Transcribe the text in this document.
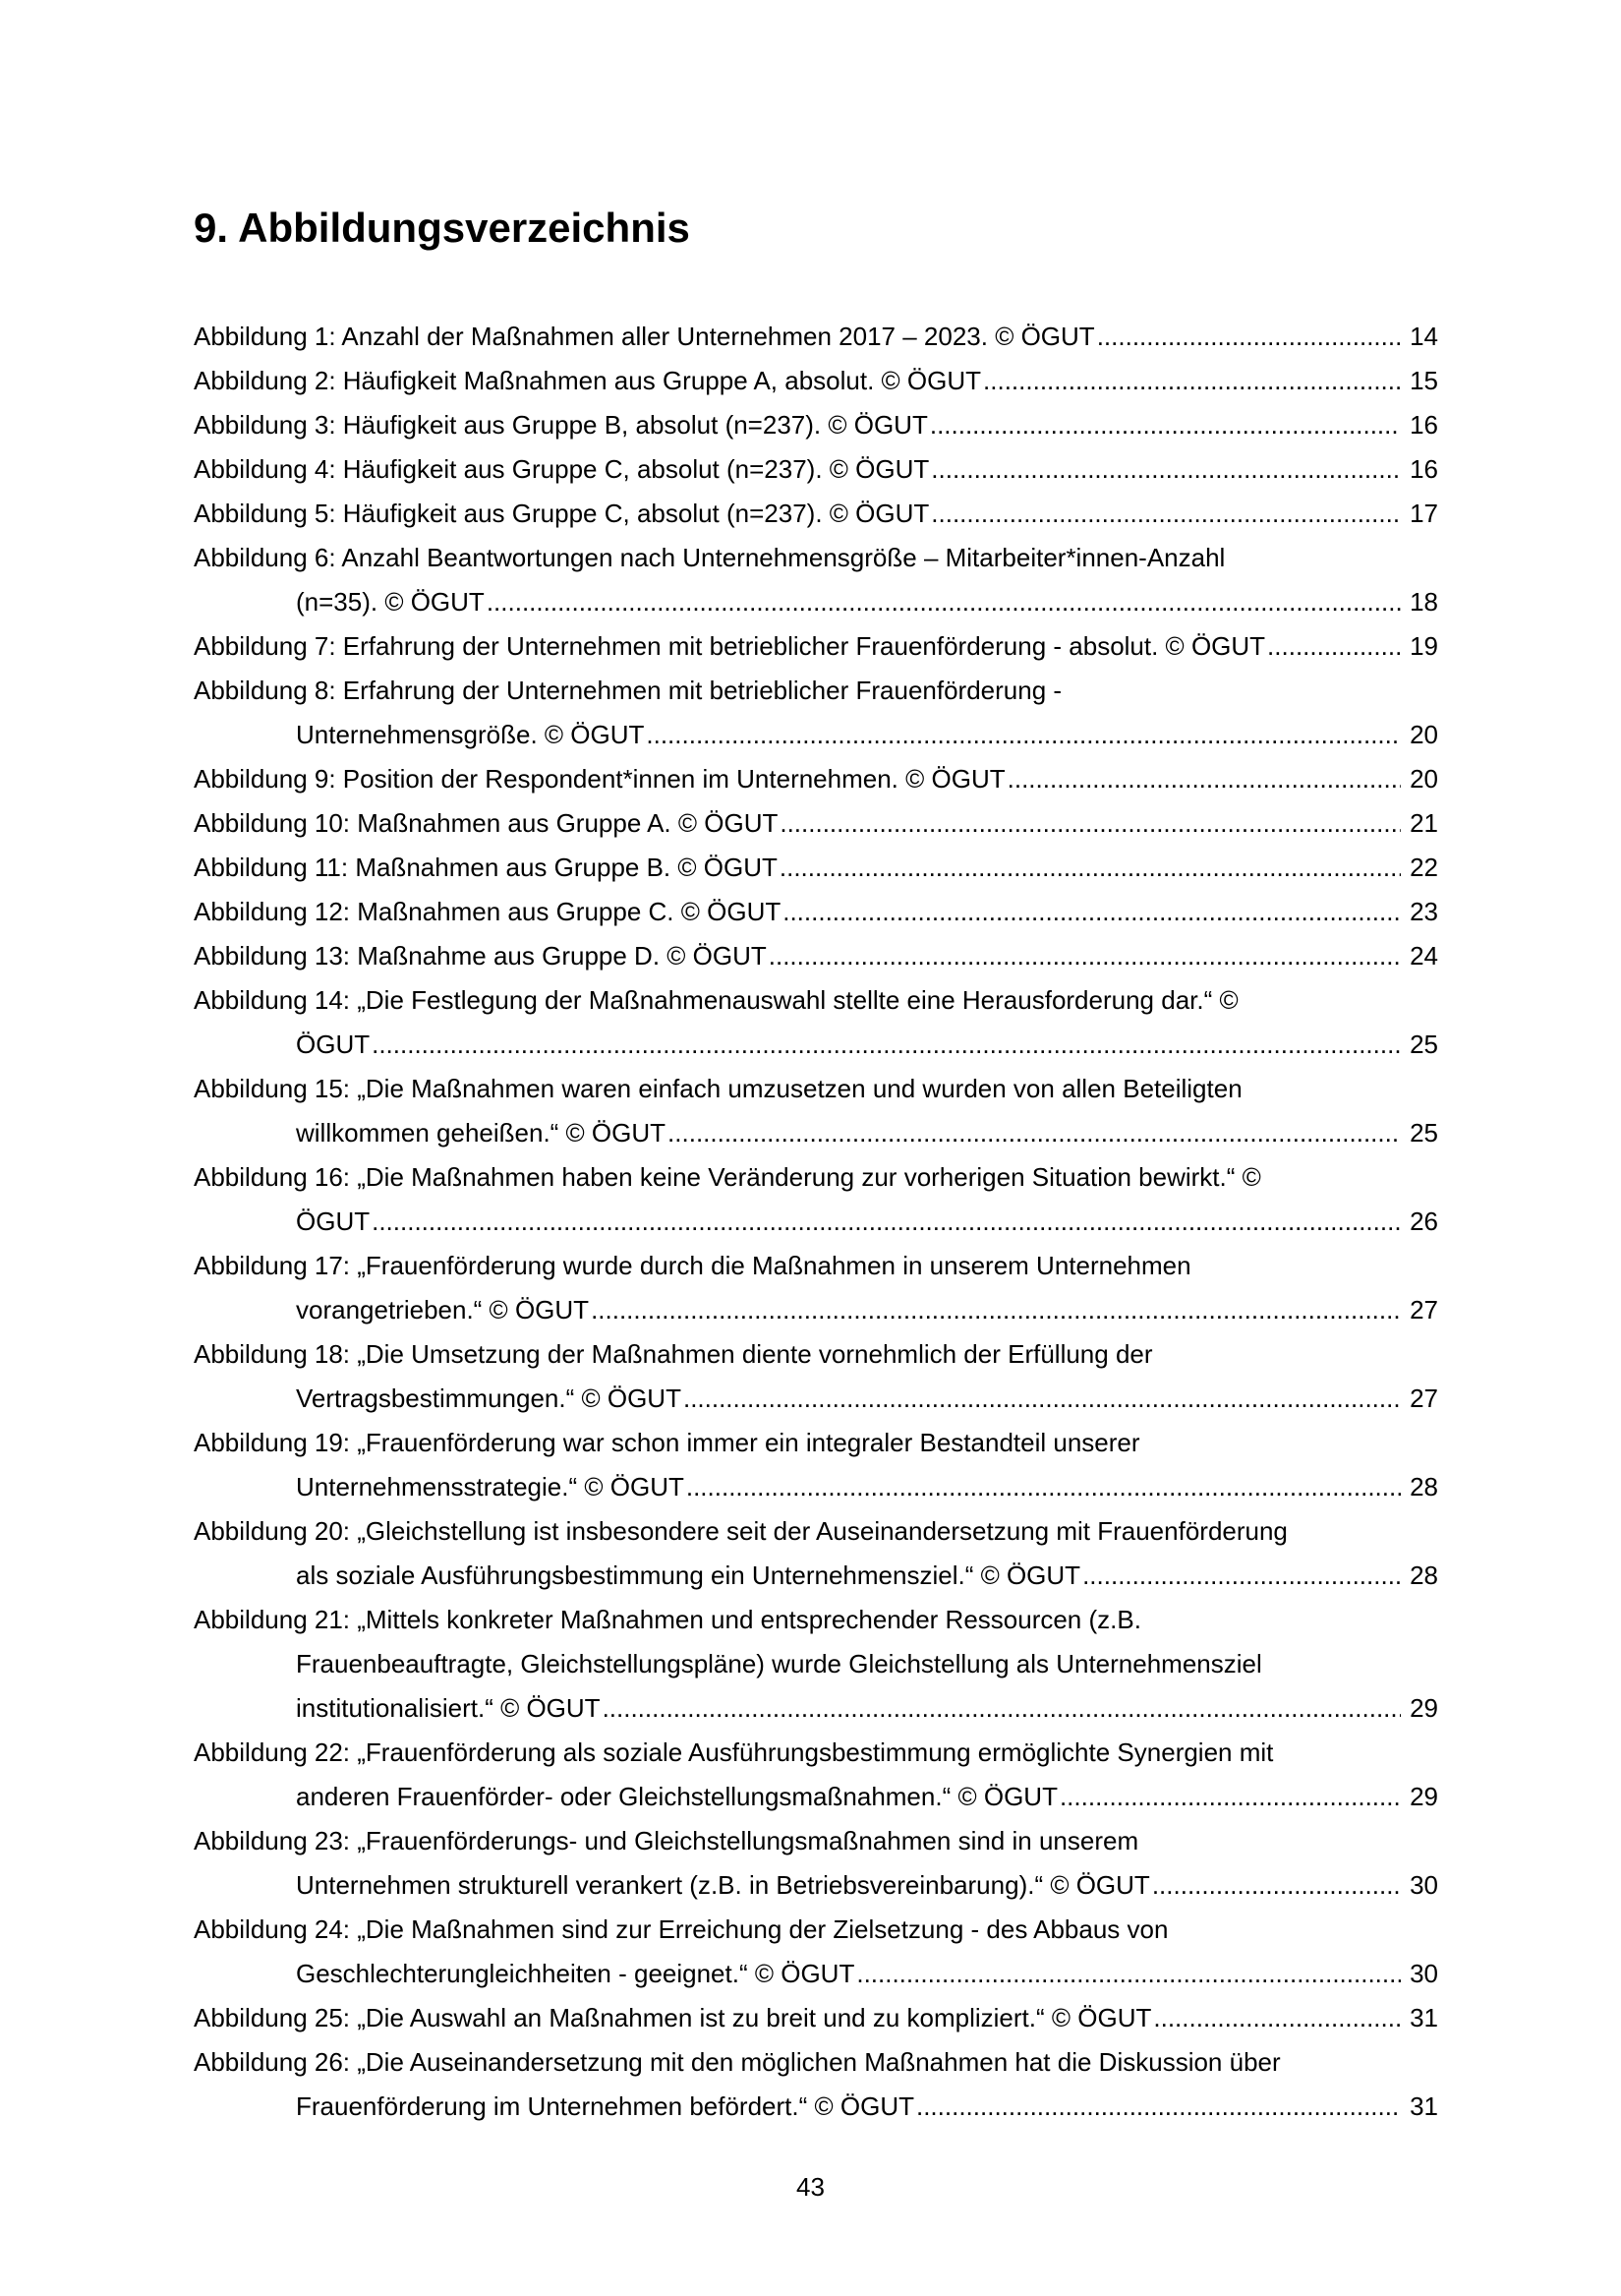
9. Abbildungsverzeichnis
Abbildung 1: Anzahl der Maßnahmen aller Unternehmen 2017 – 2023. © ÖGUT .....	14
Abbildung 2: Häufigkeit Maßnahmen aus Gruppe A, absolut. © ÖGUT .....	15
Abbildung 3: Häufigkeit aus Gruppe B, absolut (n=237). © ÖGUT .....	16
Abbildung 4: Häufigkeit aus Gruppe C, absolut (n=237). © ÖGUT .....	16
Abbildung 5: Häufigkeit aus Gruppe C, absolut (n=237). © ÖGUT .....	17
Abbildung 6: Anzahl Beantwortungen nach Unternehmensgröße – Mitarbeiter*innen-Anzahl
(n=35). © ÖGUT .....	18
Abbildung 7: Erfahrung der Unternehmen mit betrieblicher Frauenförderung - absolut. © ÖGUT .....	19
Abbildung 8: Erfahrung der Unternehmen mit betrieblicher Frauenförderung -
Unternehmensgröße. © ÖGUT .....	20
Abbildung 9: Position der Respondent*innen im Unternehmen. © ÖGUT .....	20
Abbildung 10: Maßnahmen aus Gruppe A. © ÖGUT .....	21
Abbildung 11: Maßnahmen aus Gruppe B. © ÖGUT .....	22
Abbildung 12: Maßnahmen aus Gruppe C. © ÖGUT .....	23
Abbildung 13: Maßnahme aus Gruppe D. © ÖGUT .....	24
Abbildung 14: „Die Festlegung der Maßnahmenauswahl stellte eine Herausforderung dar.“ ©
ÖGUT .....	25
Abbildung 15: „Die Maßnahmen waren einfach umzusetzen und wurden von allen Beteiligten
willkommen geheißen.“ © ÖGUT .....	25
Abbildung 16: „Die Maßnahmen haben keine Veränderung zur vorherigen Situation bewirkt.“ ©
ÖGUT .....	26
Abbildung 17: „Frauenförderung wurde durch die Maßnahmen in unserem Unternehmen
vorangetrieben.“ © ÖGUT .....	27
Abbildung 18: „Die Umsetzung der Maßnahmen diente vornehmlich der Erfüllung der
Vertragsbestimmungen.“ © ÖGUT .....	27
Abbildung 19: „Frauenförderung war schon immer ein integraler Bestandteil unserer
Unternehmensstrategie.“ © ÖGUT .....	28
Abbildung 20: „Gleichstellung ist insbesondere seit der Auseinandersetzung mit Frauenförderung
als soziale Ausführungsbestimmung ein Unternehmensziel.“ © ÖGUT .....	28
Abbildung 21: „Mittels konkreter Maßnahmen und entsprechender Ressourcen (z.B.
Frauenbeauftragte, Gleichstellungspläne) wurde Gleichstellung als Unternehmensziel
institutionalisiert.“ © ÖGUT .....	29
Abbildung 22: „Frauenförderung als soziale Ausführungsbestimmung ermöglichte Synergien mit
anderen Frauenförder- oder Gleichstellungsmaßnahmen.“ © ÖGUT .....	29
Abbildung 23: „Frauenförderungs- und Gleichstellungsmaßnahmen sind in unserem
Unternehmen strukturell verankert (z.B. in Betriebsvereinbarung).“ © ÖGUT .....	30
Abbildung 24: „Die Maßnahmen sind zur Erreichung der Zielsetzung - des Abbaus von
Geschlechterungleichheiten - geeignet.“ © ÖGUT .....	30
Abbildung 25: „Die Auswahl an Maßnahmen ist zu breit und zu kompliziert.“ © ÖGUT .....	31
Abbildung 26: „Die Auseinandersetzung mit den möglichen Maßnahmen hat die Diskussion über
Frauenförderung im Unternehmen befördert.“ © ÖGUT .....	31
43
